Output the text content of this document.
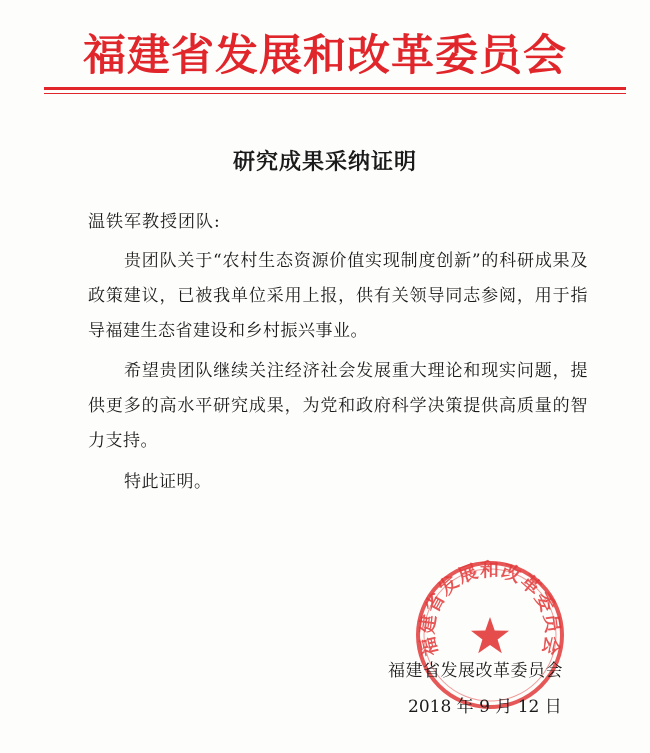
福建省发展和改革委员会
研究成果采纳证明
温铁军教授团队:

贵团队关于“农村生态资源价值实现制度创新”的科研成果及政策建议，已被我单位采用上报，供有关领导同志参阅，用于指导福建生态省建设和乡村振兴事业。

希望贵团队继续关注经济社会发展重大理论和现实问题，提供更多的高水平研究成果，为党和政府科学决策提供高质量的智力支持。

特此证明。

福建省发展和改革委员会
福建省发展改革委员会
2018 年 9 月 12 日
